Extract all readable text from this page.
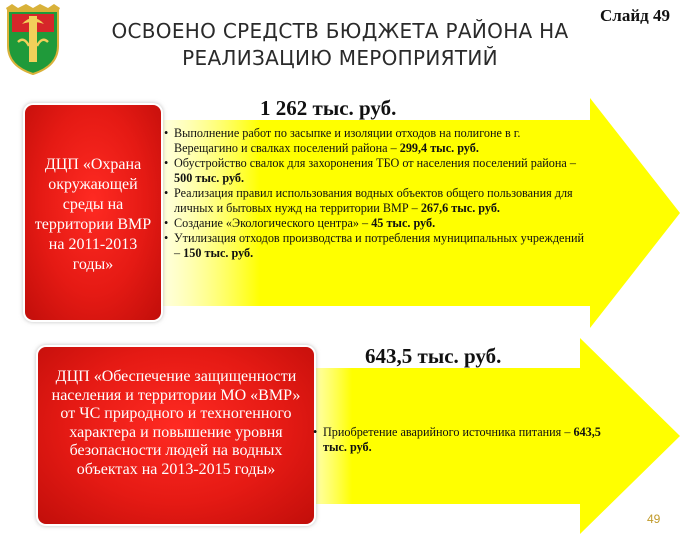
ОСВОЕНО СРЕДСТВ БЮДЖЕТА РАЙОНА НА
РЕАЛИЗАЦИЮ МЕРОПРИЯТИЙ
Слайд 49
1 262 тыс. руб.
643,5 тыс. руб.
ДЦП «Охрана окружающей среды на территории ВМР на 2011-2013 годы»
ДЦП «Обеспечение защищенности населения и территории МО «ВМР» от ЧС природного и техногенного характера и повышение уровня безопасности людей на водных объектах на 2013-2015 годы»
• Выполнение работ по засыпке и изоляции отходов на полигоне в г. Верещагино и свалках поселений района – 299,4 тыс. руб.
• Обустройство свалок для захоронения ТБО от населения поселений района – 500 тыс. руб.
• Реализация правил использования водных объектов общего пользования для личных и бытовых нужд на территории ВМР – 267,6 тыс. руб.
• Создание «Экологического центра» – 45 тыс. руб.
• Утилизация отходов производства и потребления муниципальных учреждений – 150 тыс. руб.
• Приобретение аварийного источника питания – 643,5 тыс. руб.
49
